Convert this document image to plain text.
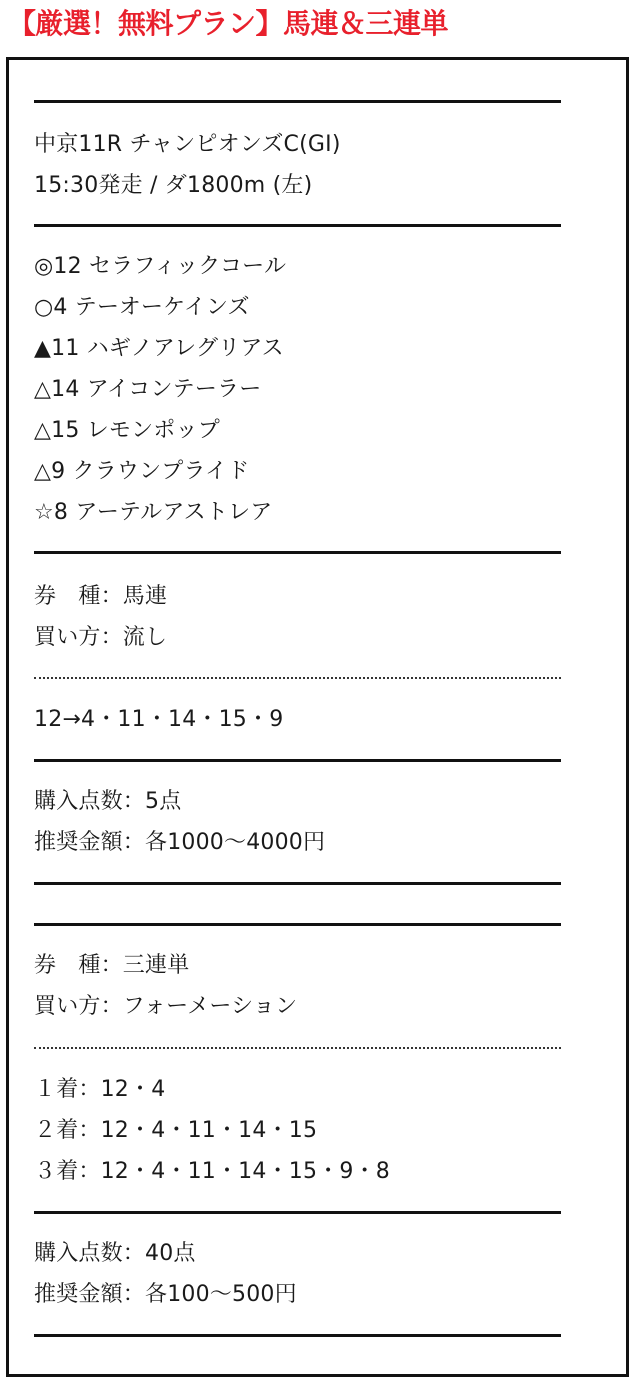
【厳選！無料プラン】馬連＆三連単
中京11R チャンピオンズC(GI)
15:30発走 / ダ1800m (左)
◎12 セラフィックコール
○4 テーオーケインズ
▲11 ハギノアレグリアス
△14 アイコンテーラー
△15 レモンポップ
△9 クラウンプライド
☆8 アーテルアストレア
券　種：馬連
買い方：流し
12→4・11・14・15・9
購入点数：5点
推奨金額：各1000〜4000円
券　種：三連単
買い方：フォーメーション
１着：12・4
２着：12・4・11・14・15
３着：12・4・11・14・15・9・8
購入点数：40点
推奨金額：各100〜500円
